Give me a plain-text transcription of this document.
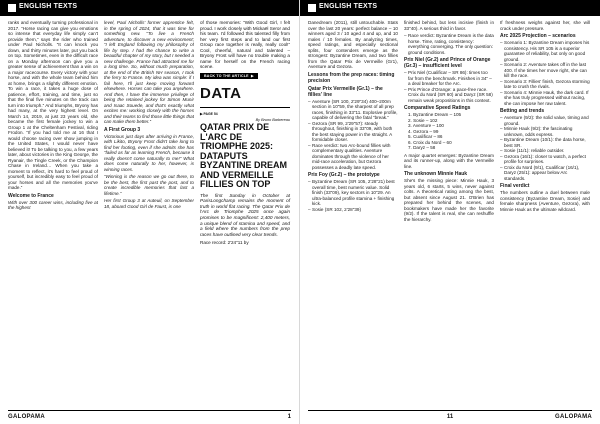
ENGLISH TEXTS

ranks and eventually turning professional in 2017. “Horse racing can give you emotions so intense that everyday life simply can't provide them,” says the rider who trained under Paul Nicholls. “It can knock you down, and thirty minutes later, put you back on top. Sometimes, even in the difficult race on a Monday afternoon can give you a greater sense of achievement than a win on a major racecourse. Every victory with your horse, and with the whole team behind him at home, brings a slightly different emotion. To win a race, it takes a huge dose of patience, effort, training, and time, just so that the final five minutes on the track can turn into triumph.” And triumphs, Bryony has had many, at the very highest level. On March 14, 2019, at just 23 years old, she became the first female jockey to win a Group 1 at the Cheltenham Festival, riding Frodon. “If you had told me at 16 that I would choose racing over show jumping in the United States, I would never have believed it! To be talking to you, a few years later, about victories in the King George, the Ryanair, the Tingle Creek, or the Champion Chase in Ireland… When you take a moment to reflect, it's hard to feel proud of yourself, but incredibly easy to feel proud of your horses and all the memories you've made.”

Welcome to France

With over 300 career wins, including five at the highest

level, Paul Nicholls' former apprentice felt, in the spring of 2024, that it was time for something new. “To live a French adventure, to discover a new environment; “I left England following my philosophy of life by step. I had the chance to write a beautiful chapter of my story, but I needed a new challenge. France had attracted me for a long time. So, without much preparation, at the end of the British NH season, I took the ferry to France. My idea was simple: if I fail here, I'll just keep moving forward elsewhere. Horses can take you anywhere. And then, I have the immense privilege of being the retained jockey for Simon Munir and Isaac Souede, and that's exactly what excites me: working closely with the horses and their teams to find those little things that can make them better.”

A First Group 3

Victorious just days after arriving in France, with Likito, Bryony Frost didn't take long to find her footing, even if she admits she has “failed as far as learning French, because it really doesn't come naturally to me!” What does come naturally to her, however, is winning races.

“Winning is the reason we go out there, to be the best, the first past the post, and to create incredible memories that last a lifetime.”

Her first Group 3 at Auteuil, on September 18, aboard Good Girl de Faust, is one

of those memories: “With Good Girl, I felt proud. I work closely with Mickaël Seror and his team. I'd followed this talented filly from her very first steps and to land our first Group race together is really, really cool!” Cool, cheerful, natural and talented – Bryony Frost will have no trouble making a name for herself on the French racing scene.

BACK TO THE ARTICLE ▶
DATA
▶ PAGE 54
By Bruno Barbereau
QATAR PRIX DE L'ARC DE TRIOMPHE 2025: DATAPUTS BYZANTINE DREAM AND VERMEILLE FILLIES ON TOP

The first Sunday in October at ParisLongchamp remains the moment of truth in world flat racing. The Qatar Prix de l'Arc de Triomphe 2025 once again promises to be magnificent: 2,400 meters, a unique blend of stamina and speed, and a field where the numbers from the prep races have outlined very clear trends.

Race record: 2'24"11 by

GALOPAMA	1
ENGLISH TEXTS

Danedream (2011), still untouchable. Stats over the last 20 years: perfect balance – 10 winners aged 3 / 10 aged 4 and up, and 10 males / 10 females. By analyzing times, speed ratings, and especially sectional splits, four contenders emerge as the strongest: Byzantine Dream, and two fillies from the Qatar Prix de Vermeille (Gr1), Aventure and Gezora.

Lessons from the prep races: timing precision
Qatar Prix Vermeille (Gr.1) – the fillies' line
– Aventure (SR 100, 2'29"34) 400–200m section in 10"59, the sharpest of all prep races, finishing in 33"11. Explosive profile, capable of delivering the fatal “break.”
– Gezora (SR 99, 2'29"57): steady throughout, finishing in 33"09, with both the best staying power in the straight. A formidable closer.
– Race verdict: two Arc-bound fillies with complementary qualities. Aventure dominates through the violence of her mid-race acceleration, but Gezora possesses a deadly late speed.
Prix Foy (Gr.2) – the prototype
– Byzantine Dream (SR 105, 2'28"21) best overall time, best numeric value. Solid finish (33"09), key sectors in 10"29. An ultra-balanced profile stamina + finishing kick.
– Sosie (SR 102, 2'28"39)

finished behind, but less incisive (finish in 33"40). A serious third in favor.

– Race verdict: Byzantine Dream is the data horse. Time, rating, consistency: everything converging. The only question: ground conditions.
Prix Niel (Gr.2) and Prince of Orange (Gr.3) – insufficient level
– Prix Niel (Cualificar – SR 86): times too far from the benchmark. Finishes in 34" – a deal breaker for the Arc.
– Prix Prince d'Orange: a pace-free race. Croix du Nord (SR 60) and Daryz (SR 58) remain weak propositions in this context.
Comparative Speed Ratings
1. Byzantine Dream – 105
2. Sosie – 102
3. Aventure – 100
4. Gezora – 99
5. Cualificar – 86
6. Croix du Nord – 60
7. Daryz – 58

A major quartet emerges: Byzantine Dream and its runner-up, along with the Vermeille line.

The unknown Minnie Hauk

She's the missing piece: Minnie Hauk, 3 years old, 6 starts, 5 wins, never against colts. A theoretical rating among the best, but absent since August 21. O'Brien has prepared her behind the scenes, and bookmakers have made her the favorite (9/2). If the talent is real, she can reshuffle the hierarchy.

If freshness weighs against her, she will crack under pressure.

Arc 2025 Projection – scenarios
– Scenario 1: Byzantine Dream imposes his consistency. His SR 105 is a superior guarantee of reliability, but only on good ground.
– Scenario 2: Aventure takes off in the last 400. If she times her move right, she can kill the race.
– Scenario 3: Fillies' finish, Gezora storming late to crush the rivals.
– Scenario 4: Minnie Hauk, the dark card. If she has truly progressed without racing, she can impose her raw talent.
Betting and trends
– Aventure (9/2): the solid value, timing and ground.
– Minnie Hauk (9/2): the fascinating unknown, odds express.
– Byzantine Dream (10/1): the data horse, best SR.
– Sosie (11/1): reliable outsider.
– Gezora (16/1): closer to watch, a perfect profile for surprises.
– Croix du Nord (9/1), Cualificar (16/1), Daryz (25/1): appear below Arc standards.
Final verdict

The numbers outline a duel between male consistency (Byzantine Dream, Sosie) and female sharpness (Aventure, Gezora), with Minnie Hauk as the ultimate wildcard.

11	GALOPAMA
